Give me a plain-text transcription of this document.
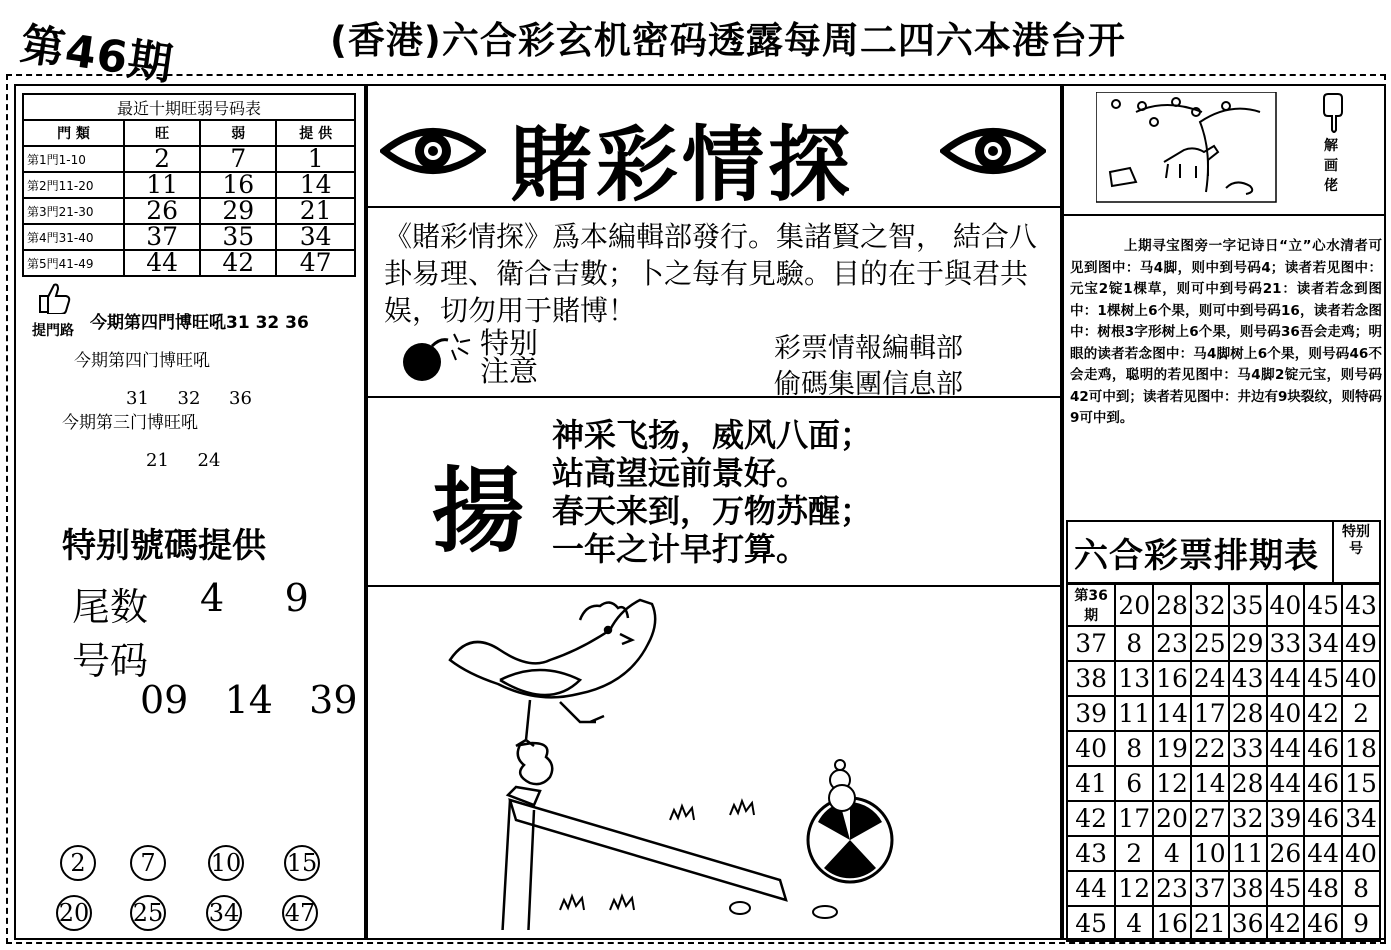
第46期	(香港)六合彩玄机密码透露每周二四六本港台开
最近十期旺弱号码表			
門 類	旺	弱	提 供
第1門1-10	2	7	1
第2門11-20	11	16	14
第3門21-30	26	29	21
第4門31-40	37	35	34
第5門41-49	44	42	47
提門路 今期第四門博旺吼31 32 36
今期第四门博旺吼
31     32     36
今期第三门博旺吼
21     24
特别號碼提供
尾数 4     9
号码
09   14   39
2	7	10 15
20 25 34 47
賭彩情探
《賭彩情探》爲本編輯部發行。集諸賢之智， 結合八卦易理、衛合吉數；卜之每有見驗。目的在于與君共娱，切勿用于賭博！
特别
注意
彩票情報編輯部
偷碼集團信息部
揚
神采飞扬，威风八面；
站高望远前景好。
春天来到，万物苏醒；
一年之计早打算。
解画佬
上期寻宝图旁一字记诗日“立”心水清者可见到图中：马4脚，则中到号码4；读者若见图中：元宝2锭1棵草，则可中到号码21：读者若念到图中：1棵树上6个果，则可中到号码16，读者若念图中：树根3字形树上6个果，则号码36吾会走鸡；明眼的读者若念图中：马4脚树上6个果，则号码46不会走鸡，聪明的若见图中：马4脚2锭元宝，则号码42可中到；读者若见图中：井边有9块裂纹，则特码9可中到。
六合彩票排期表
特别号
第36期	20	28	32	35	40	45	43
37	8	23	25	29	33	34	49
38	13	16	24	43	44	45	40
39	11	14	17	28	40	42	2
40	8	19	22	33	44	46	18
41	6	12	14	28	44	46	15
42	17	20	27	32	39	46	34
43	2	4	10	11	26	44	40
44	12	23	37	38	45	48	8
45	4	16	21	36	42	46	9
